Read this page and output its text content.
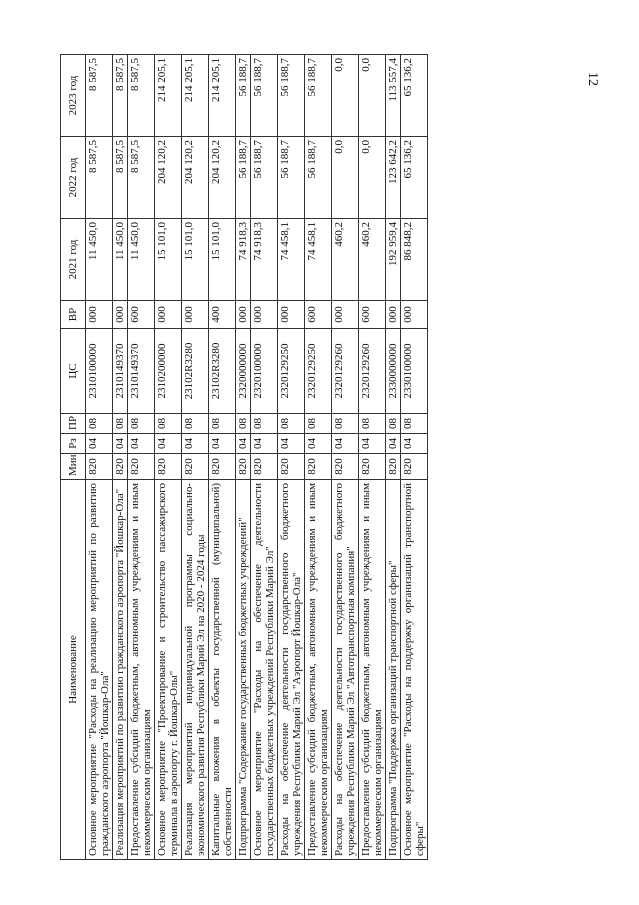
12
Наименование	Мин	Рз	ПР	ЦС	ВР	2021 год	2022 год	2023 год
Основное мероприятие "Расходы на реализацию мероприятий по развитию гражданского аэропорта "Йошкар-Ола"	820	04	08	2310100000	000	11 450,0	8 587,5	8 587,5
Реализация мероприятий по развитию гражданского аэропорта "Йошкар-Ола"	820	04	08	2310149370	000	11 450,0	8 587,5	8 587,5
Предоставление субсидий бюджетным, автономным учреждениям и иным некоммерческим организациям	820	04	08	2310149370	600	11 450,0	8 587,5	8 587,5
Основное мероприятие "Проектирование и строительство пассажирского терминала в аэропорту г. Йошкар-Олы"	820	04	08	2310200000	000	15 101,0	204 120,2	214 205,1
Реализация мероприятий индивидуальной программы социально-экономического развития Республики Марий Эл на 2020 - 2024 годы	820	04	08	23102R3280	000	15 101,0	204 120,2	214 205,1
Капитальные вложения в объекты государственной (муниципальной) собственности	820	04	08	23102R3280	400	15 101,0	204 120,2	214 205,1
Подпрограмма "Содержание государственных бюджетных учреждений"	820	04	08	2320000000	000	74 918,3	56 188,7	56 188,7
Основное мероприятие "Расходы на обеспечение деятельности государственных бюджетных учреждений Республики Марий Эл"	820	04	08	2320100000	000	74 918,3	56 188,7	56 188,7
Расходы на обеспечение деятельности государственного бюджетного учреждения Республики Марий Эл "Аэропорт Йошкар-Ола"	820	04	08	2320129250	000	74 458,1	56 188,7	56 188,7
Предоставление субсидий бюджетным, автономным учреждениям и иным некоммерческим организациям	820	04	08	2320129250	600	74 458,1	56 188,7	56 188,7
Расходы на обеспечение деятельности государственного бюджетного учреждения Республики Марий Эл "Автотранспортная компания"	820	04	08	2320129260	000	460,2	0,0	0,0
Предоставление субсидий бюджетным, автономным учреждениям и иным некоммерческим организациям	820	04	08	2320129260	600	460,2	0,0	0,0
Подпрограмма "Поддержка организаций транспортной сферы"	820	04	08	2330000000	000	192 959,4	123 642,2	113 557,4
Основное мероприятие "Расходы на поддержку организаций транспортной сферы"	820	04	08	2330100000	000	86 848,2	65 136,2	65 136,2
